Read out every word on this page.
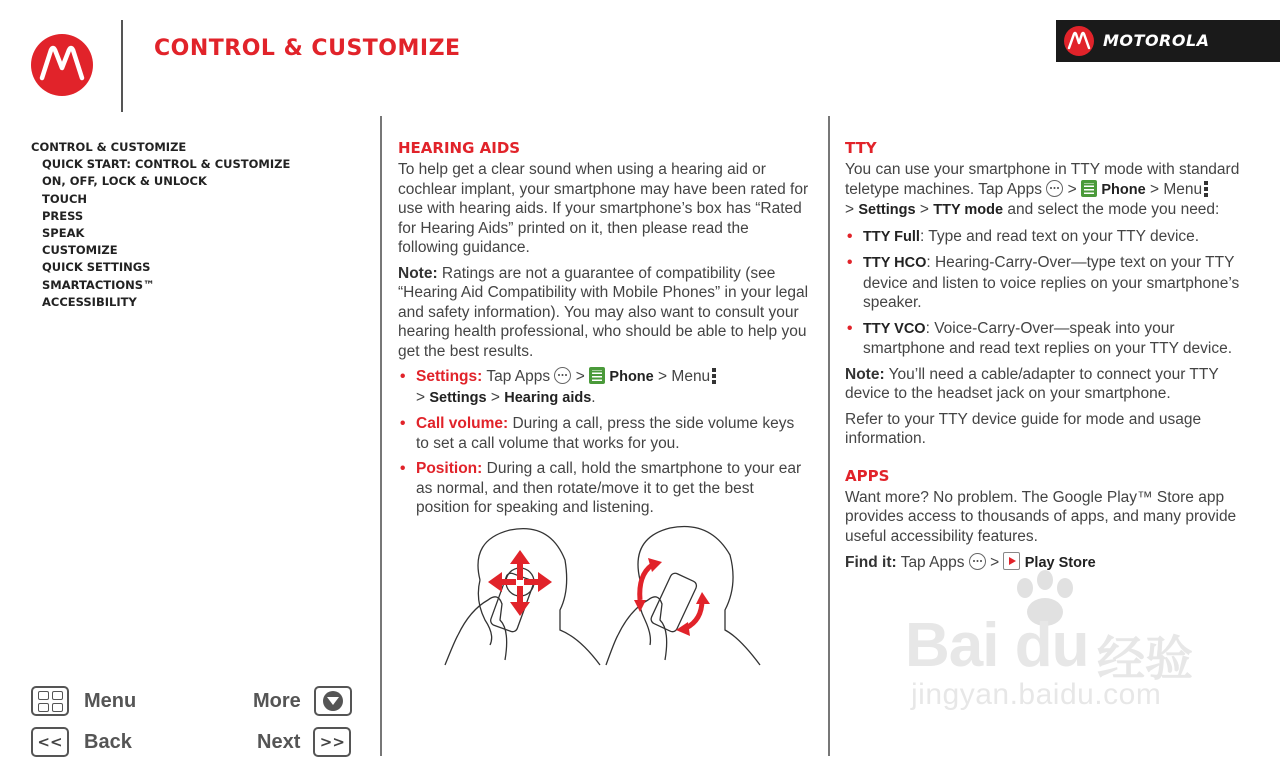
CONTROL & CUSTOMIZE	MOTOROLA
CONTROL & CUSTOMIZE
QUICK START: CONTROL & CUSTOMIZE
ON, OFF, LOCK & UNLOCK
TOUCH
PRESS
SPEAK
CUSTOMIZE
QUICK SETTINGS
SMARTACTIONS™
ACCESSIBILITY
HEARING AIDS
To help get a clear sound when using a hearing aid or cochlear implant, your smartphone may have been rated for use with hearing aids. If your smartphone’s box has “Rated for Hearing Aids” printed on it, then please read the following guidance.
Note: Ratings are not a guarantee of compatibility (see “Hearing Aid Compatibility with Mobile Phones” in your legal and safety information). You may also want to consult your hearing health professional, who should be able to help you get the best results.
• Settings: Tap Apps  >  Phone > Menu
> Settings > Hearing aids.
• Call volume: During a call, press the side volume keys to set a call volume that works for you.
• Position: During a call, hold the smartphone to your ear as normal, and then rotate/move it to get the best position for speaking and listening.
TTY
You can use your smartphone in TTY mode with standard teletype machines. Tap Apps  >  Phone > Menu
> Settings > TTY mode and select the mode you need:
• TTY Full: Type and read text on your TTY device.
• TTY HCO: Hearing-Carry-Over—type text on your TTY device and listen to voice replies on your smartphone’s speaker.
• TTY VCO: Voice-Carry-Over—speak into your smartphone and read text replies on your TTY device.
Note: You’ll need a cable/adapter to connect your TTY device to the headset jack on your smartphone.
Refer to your TTY device guide for mode and usage information.
APPS
Want more? No problem. The Google Play™ Store app provides access to thousands of apps, and many provide useful accessibility features.
Find it: Tap Apps  >  Play Store
Menu	More
<<	Back	Next	>>
Bai du 经验
jingyan.baidu.com
